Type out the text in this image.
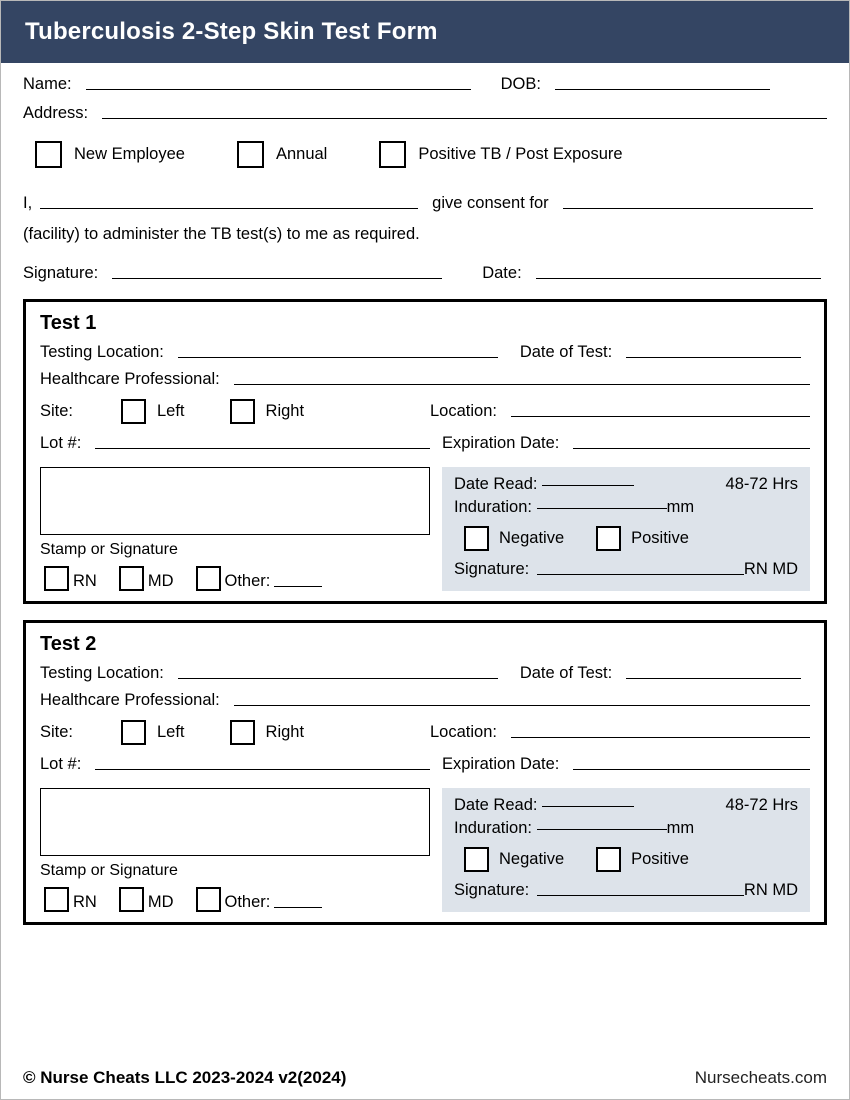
Tuberculosis 2-Step Skin Test Form
Name:	DOB:
Address:
New Employee	Annual	Positive TB / Post Exposure
I,	give consent for
(facility) to administer the TB test(s) to me as required.
Signature:	Date:
Test 1
Testing Location:	Date of Test:
Healthcare Professional:
Site:	Left	Right	Location:
Lot #:	Expiration Date:
Stamp or Signature
RN	MD	Other:
Date Read:	48-72 Hrs
Induration:	mm
Negative	Positive
Signature:	RN MD
Test 2
Testing Location:	Date of Test:
Healthcare Professional:
Site:	Left	Right	Location:
Lot #:	Expiration Date:
Stamp or Signature
RN	MD	Other:
Date Read:	48-72 Hrs
Induration:	mm
Negative	Positive
Signature:	RN MD
© Nurse Cheats LLC 2023-2024 v2(2024)	Nursecheats.com
